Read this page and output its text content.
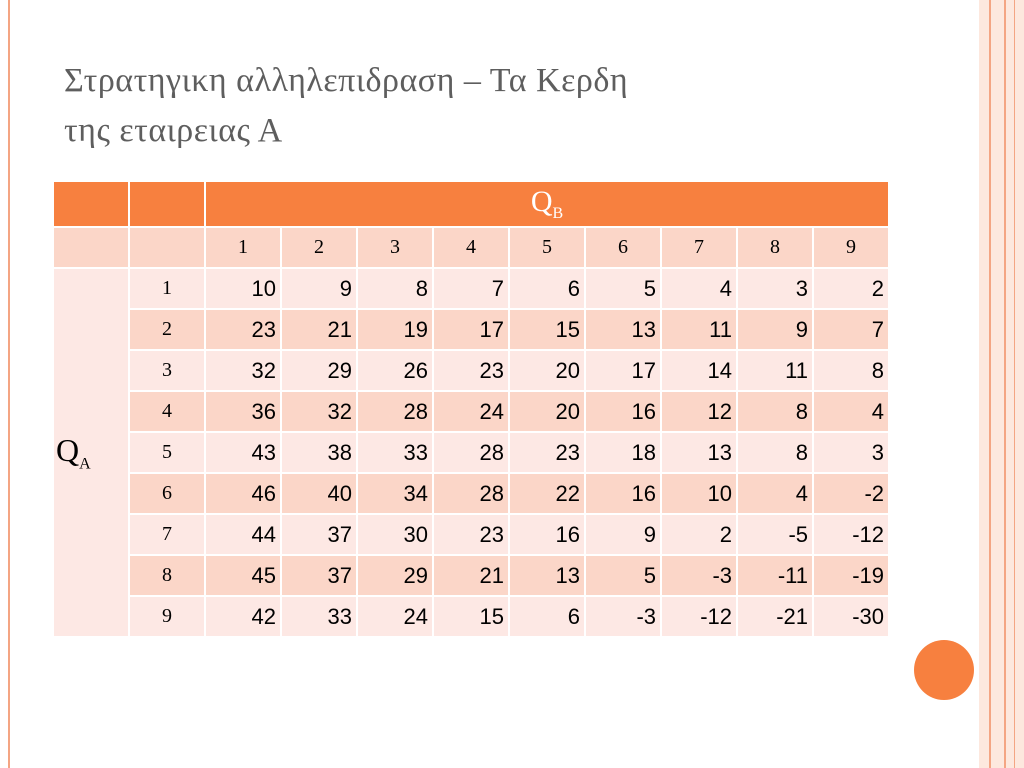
Στρατηγικη αλληλεπιδραση – Τα Κερδη
της εταιρειας Α
		$Q_B$
		1	2	3	4	5	6	7	8	9
$Q_A$	1	10	9	8	7	6	5	4	3	2
	2	23	21	19	17	15	13	11	9	7
	3	32	29	26	23	20	17	14	11	8
	4	36	32	28	24	20	16	12	8	4
	5	43	38	33	28	23	18	13	8	3
	6	46	40	34	28	22	16	10	4	-2
	7	44	37	30	23	16	9	2	-5	-12
	8	45	37	29	21	13	5	-3	-11	-19
	9	42	33	24	15	6	-3	-12	-21	-30
